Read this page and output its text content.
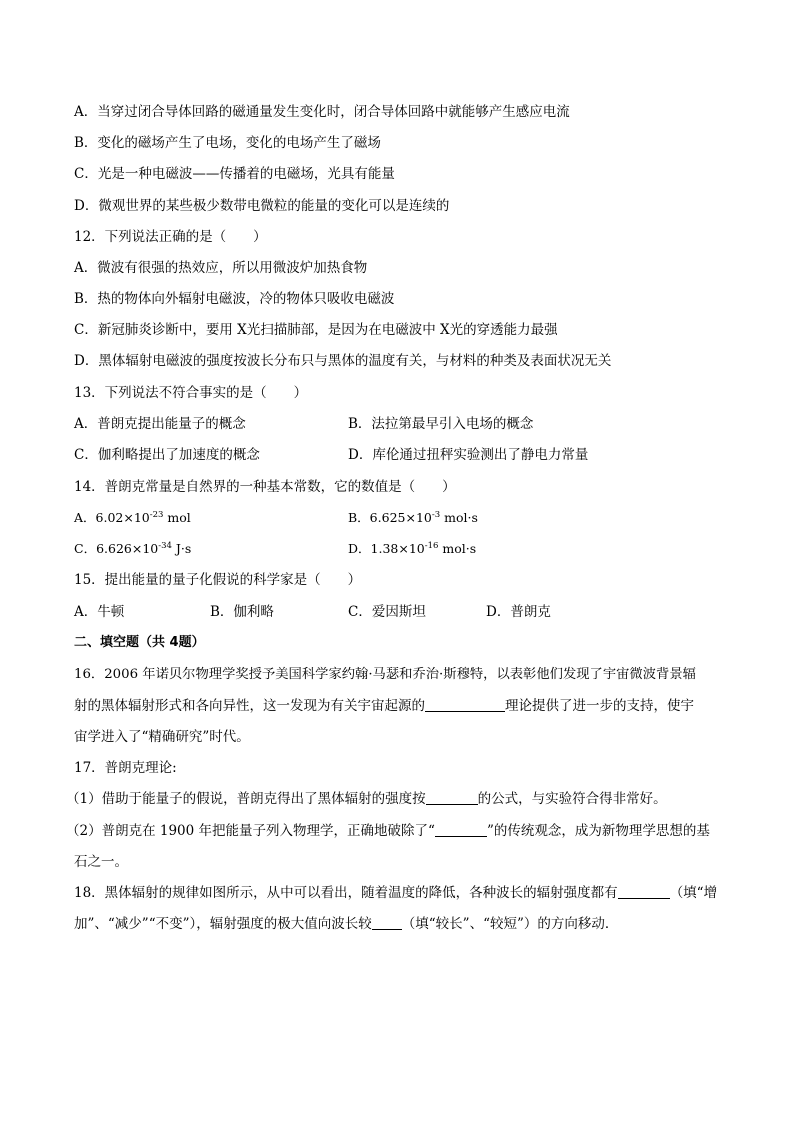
A．当穿过闭合导体回路的磁通量发生变化时，闭合导体回路中就能够产生感应电流
B．变化的磁场产生了电场，变化的电场产生了磁场
C．光是一种电磁波——传播着的电磁场，光具有能量
D．微观世界的某些极少数带电微粒的能量的变化可以是连续的
12．下列说法正确的是（　　）
A．微波有很强的热效应，所以用微波炉加热食物
B．热的物体向外辐射电磁波，冷的物体只吸收电磁波
C．新冠肺炎诊断中，要用 X光扫描肺部，是因为在电磁波中 X光的穿透能力最强
D．黑体辐射电磁波的强度按波长分布只与黑体的温度有关，与材料的种类及表面状况无关
13．下列说法不符合事实的是（　　）
A．普朗克提出能量子的概念	B．法拉第最早引入电场的概念
C．伽利略提出了加速度的概念	D．库伦通过扭秤实验测出了静电力常量
14．普朗克常量是自然界的一种基本常数，它的数值是（　　）
A．$6.02\times 10^{-23}$ mol	B．$6.625\times 10^{-3}$ mol·s
C．$6.626\times 10^{-34}$ J·s	D．$1.38\times 10^{-16}$ mol·s
15．提出能量的量子化假说的科学家是（　　）
A．牛顿	B．伽利略	C．爱因斯坦	D．普朗克
二、填空题（共 4题）
16．2006 年诺贝尔物理学奖授予美国科学家约翰·马瑟和乔治·斯穆特，以表彰他们发现了宇宙微波背景辐
射的黑体辐射形式和各向异性，这一发现为有关宇宙起源的	理论提供了进一步的支持，使宇
宙学进入了“精确研究”时代。
17．普朗克理论:
（1）借助于能量子的假说，普朗克得出了黑体辐射的强度按	的公式，与实验符合得非常好。
（2）普朗克在 1900 年把能量子列入物理学，正确地破除了“	”的传统观念，成为新物理学思想的基
石之一。
18．黑体辐射的规律如图所示，从中可以看出，随着温度的降低，各种波长的辐射强度都有	（填“增
加”、“减少”“不变”），辐射强度的极大值向波长较 （填“较长”、“较短”）的方向移动．
